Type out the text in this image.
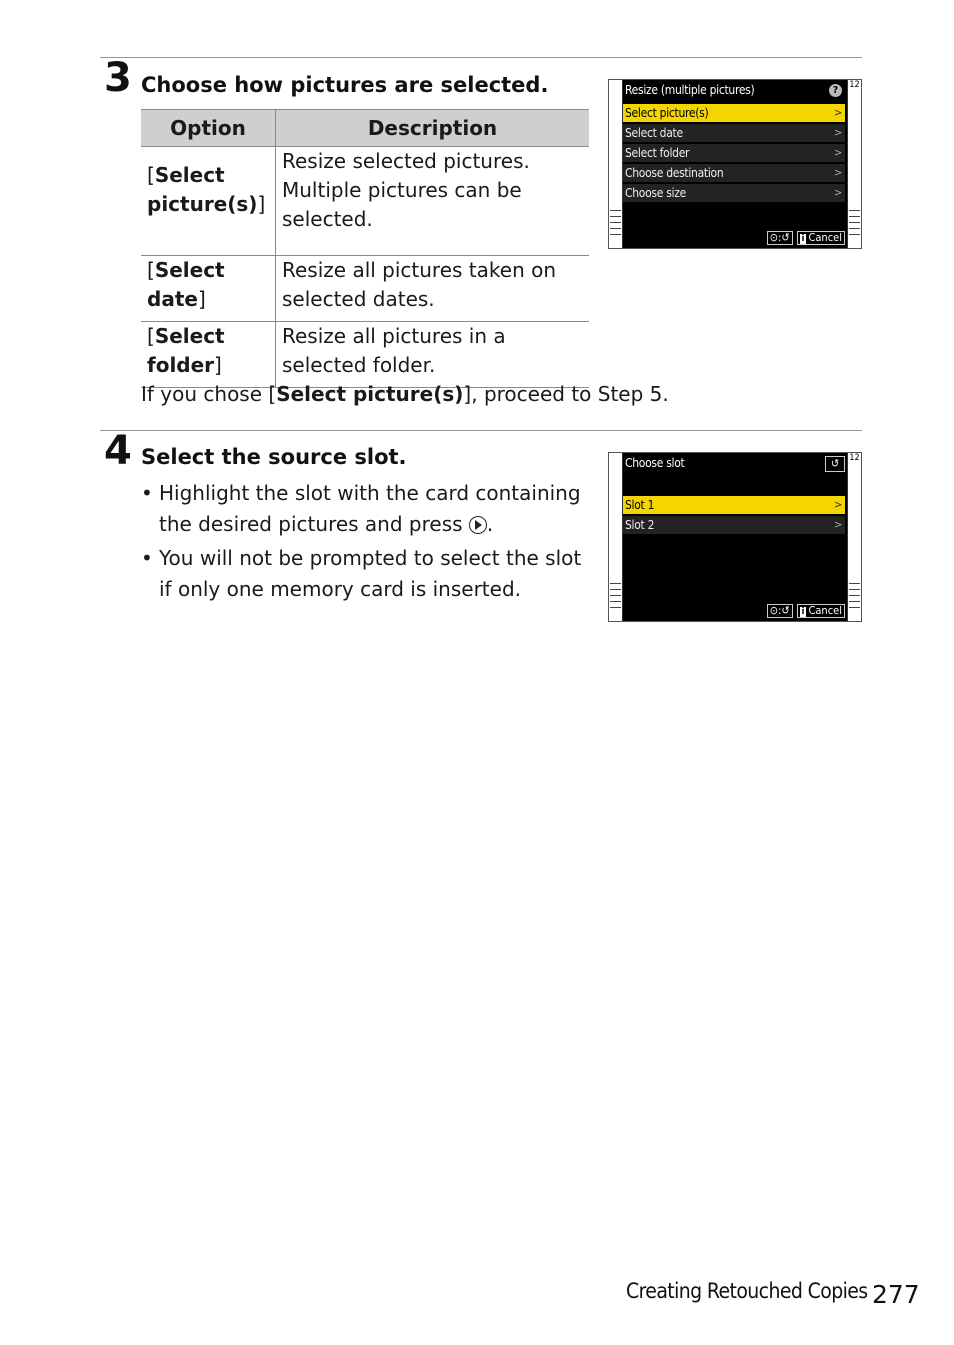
3 Choose how pictures are selected.
Option	Description
[Select picture(s)]	Resize selected pictures. Multiple pictures can be selected.
[Select date]	Resize all pictures taken on selected dates.
[Select folder]	Resize all pictures in a selected folder.
If you chose [Select picture(s)], proceed to Step 5.
12
Resize (multiple pictures)	?
Select picture(s)	>
Select date	>
Select folder	>
Choose destination	>
Choose size	>
⊙:↺	i Cancel
4 Select the source slot.
• Highlight the slot with the card containing the desired pictures and press .
• You will not be prompted to select the slot if only one memory card is inserted.
12
Choose slot	↺
Slot 1	>
Slot 2	>
⊙:↺	i Cancel
Creating Retouched Copies 277
